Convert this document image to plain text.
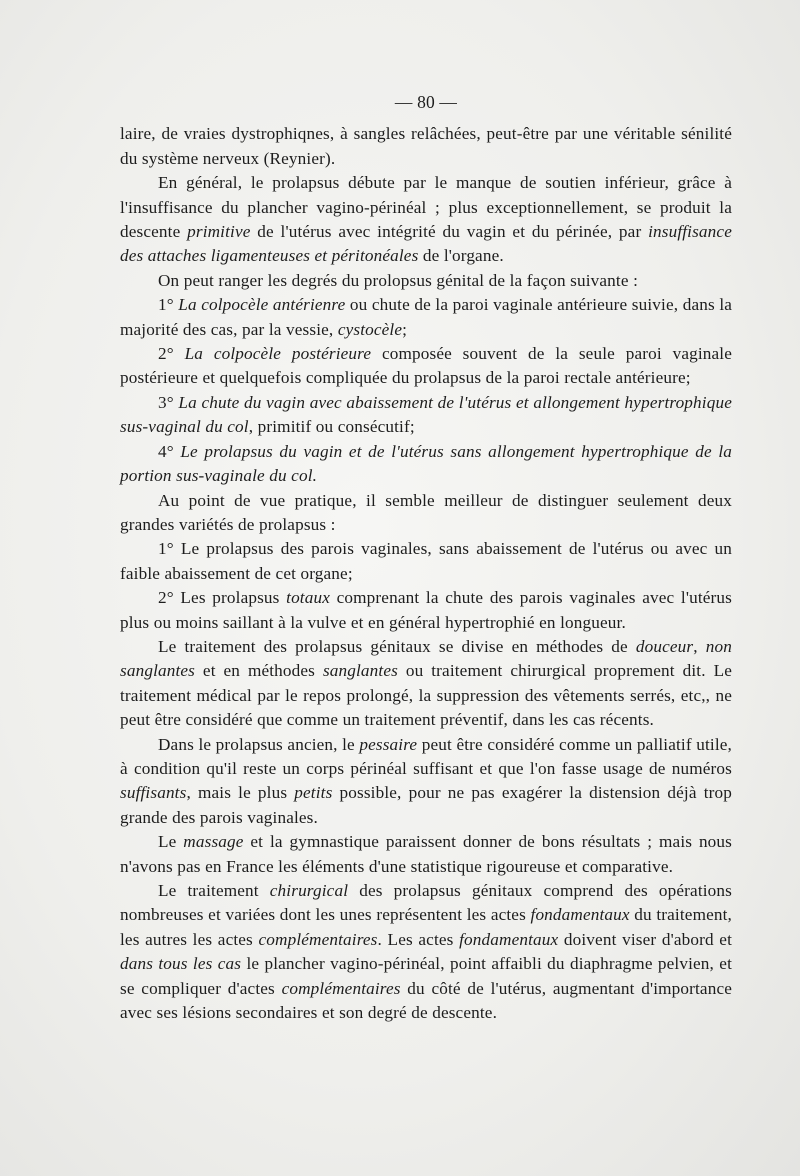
— 80 —

laire, de vraies dystrophiqnes, à sangles relâchées, peut-être par une véritable sénilité du système nerveux (Reynier).

En général, le prolapsus débute par le manque de soutien inférieur, grâce à l'insuffisance du plancher vagino-périnéal ; plus exceptionnellement, se produit la descente primitive de l'utérus avec intégrité du vagin et du périnée, par insuffisance des attaches ligamenteuses et péritonéales de l'organe.

On peut ranger les degrés du prolopsus génital de la façon suivante :

1° La colpocèle antérienre ou chute de la paroi vaginale antérieure suivie, dans la majorité des cas, par la vessie, cystocèle;

2° La colpocèle postérieure composée souvent de la seule paroi vaginale postérieure et quelquefois compliquée du prolapsus de la paroi rectale antérieure;

3° La chute du vagin avec abaissement de l'utérus et allongement hypertrophique sus-vaginal du col, primitif ou consécutif;

4° Le prolapsus du vagin et de l'utérus sans allongement hypertrophique de la portion sus-vaginale du col.

Au point de vue pratique, il semble meilleur de distinguer seulement deux grandes variétés de prolapsus :

1° Le prolapsus des parois vaginales, sans abaissement de l'utérus ou avec un faible abaissement de cet organe;

2° Les prolapsus totaux comprenant la chute des parois vaginales avec l'utérus plus ou moins saillant à la vulve et en général hypertrophié en longueur.

Le traitement des prolapsus génitaux se divise en méthodes de douceur, non sanglantes et en méthodes sanglantes ou traitement chirurgical proprement dit. Le traitement médical par le repos prolongé, la suppression des vêtements serrés, etc,, ne peut être considéré que comme un traitement préventif, dans les cas récents.

Dans le prolapsus ancien, le pessaire peut être considéré comme un palliatif utile, à condition qu'il reste un corps périnéal suffisant et que l'on fasse usage de numéros suffisants, mais le plus petits possible, pour ne pas exagérer la distension déjà trop grande des parois vaginales.

Le massage et la gymnastique paraissent donner de bons résultats ; mais nous n'avons pas en France les éléments d'une statistique rigoureuse et comparative.

Le traitement chirurgical des prolapsus génitaux comprend des opérations nombreuses et variées dont les unes représentent les actes fondamentaux du traitement, les autres les actes complémentaires. Les actes fondamentaux doivent viser d'abord et dans tous les cas le plancher vagino-périnéal, point affaibli du diaphragme pelvien, et se compliquer d'actes complémentaires du côté de l'utérus, augmentant d'importance avec ses lésions secondaires et son degré de descente.
